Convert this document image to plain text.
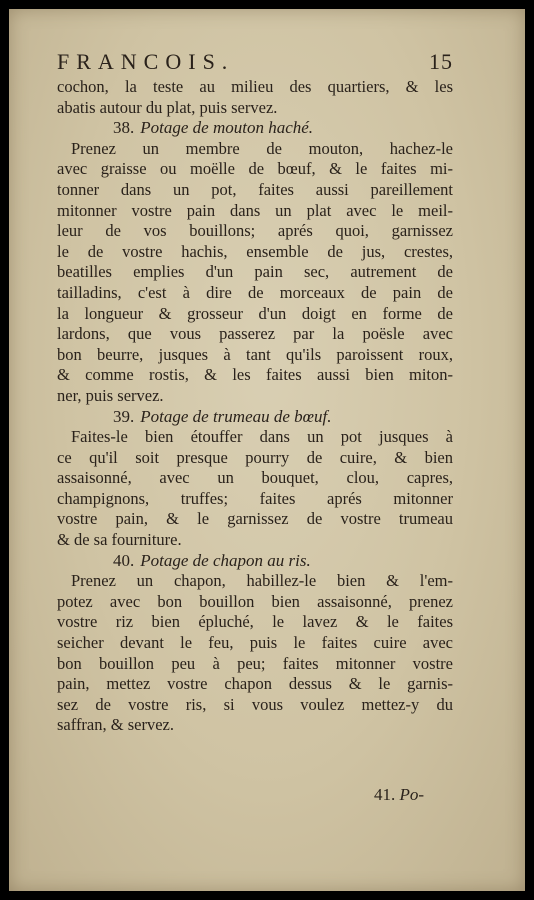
FRANCOIS.	15
cochon, la teste au milieu des quartiers, & les
abatis autour du plat, puis servez.
38. Potage de mouton haché.
Prenez un membre de mouton, hachez-le
avec graisse ou moëlle de bœuf, & le faites mi-
tonner dans un pot, faites aussi pareillement
mitonner vostre pain dans un plat avec le meil-
leur de vos bouillons; aprés quoi, garnissez
le de vostre hachis, ensemble de jus, crestes,
beatilles emplies d'un pain sec, autrement de
tailladins, c'est à dire de morceaux de pain de
la longueur & grosseur d'un doigt en forme de
lardons, que vous passerez par la poësle avec
bon beurre, jusques à tant qu'ils paroissent roux,
& comme rostis, & les faites aussi bien miton-
ner, puis servez.
39. Potage de trumeau de bœuf.
Faites-le bien étouffer dans un pot jusques à
ce qu'il soit presque pourry de cuire, & bien
assaisonné, avec un bouquet, clou, capres,
champignons, truffes; faites aprés mitonner
vostre pain, & le garnissez de vostre trumeau
& de sa fourniture.
40. Potage de chapon au ris.
Prenez un chapon, habillez-le bien & l'em-
potez avec bon bouillon bien assaisonné, prenez
vostre riz bien épluché, le lavez & le faites
seicher devant le feu, puis le faites cuire avec
bon bouillon peu à peu; faites mitonner vostre
pain, mettez vostre chapon dessus & le garnis-
sez de vostre ris, si vous voulez mettez-y du
saffran, & servez.
41. Po-
